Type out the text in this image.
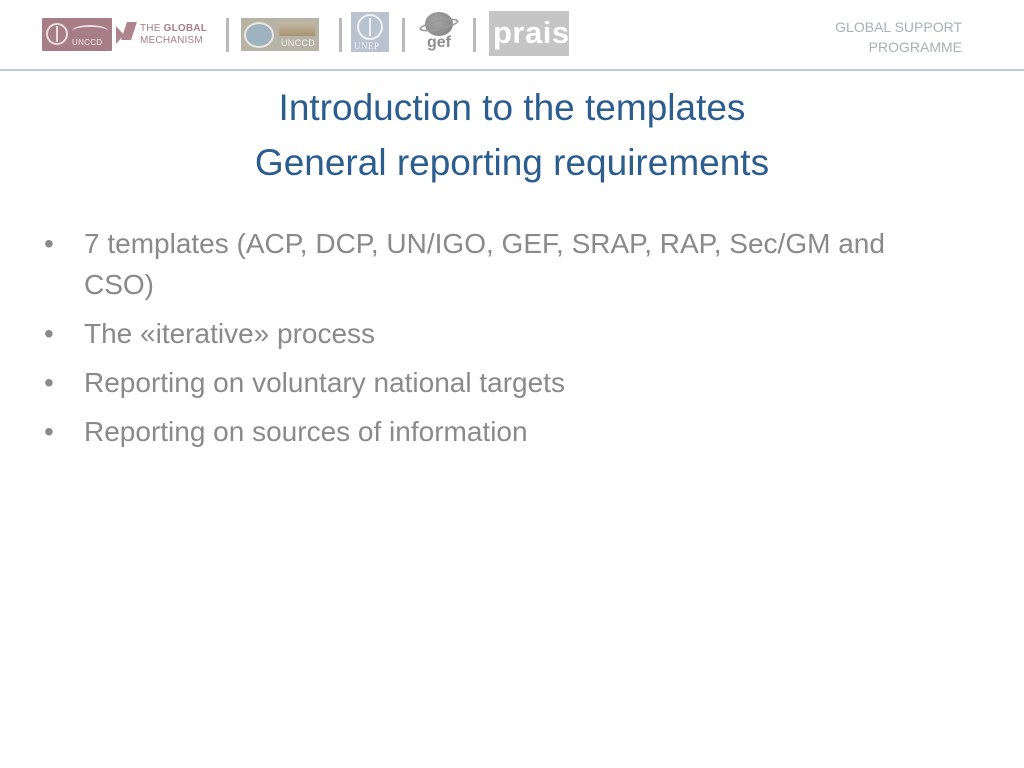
UNCCD
THE GLOBAL
MECHANISM	UNCCD	UNEP	gef prais	GLOBAL SUPPORT
PROGRAMME
Introduction to the templates
General reporting requirements
• 7 templates (ACP, DCP, UN/IGO, GEF, SRAP, RAP, Sec/GM and CSO)
• The «iterative» process
• Reporting on voluntary national targets
• Reporting on sources of information
